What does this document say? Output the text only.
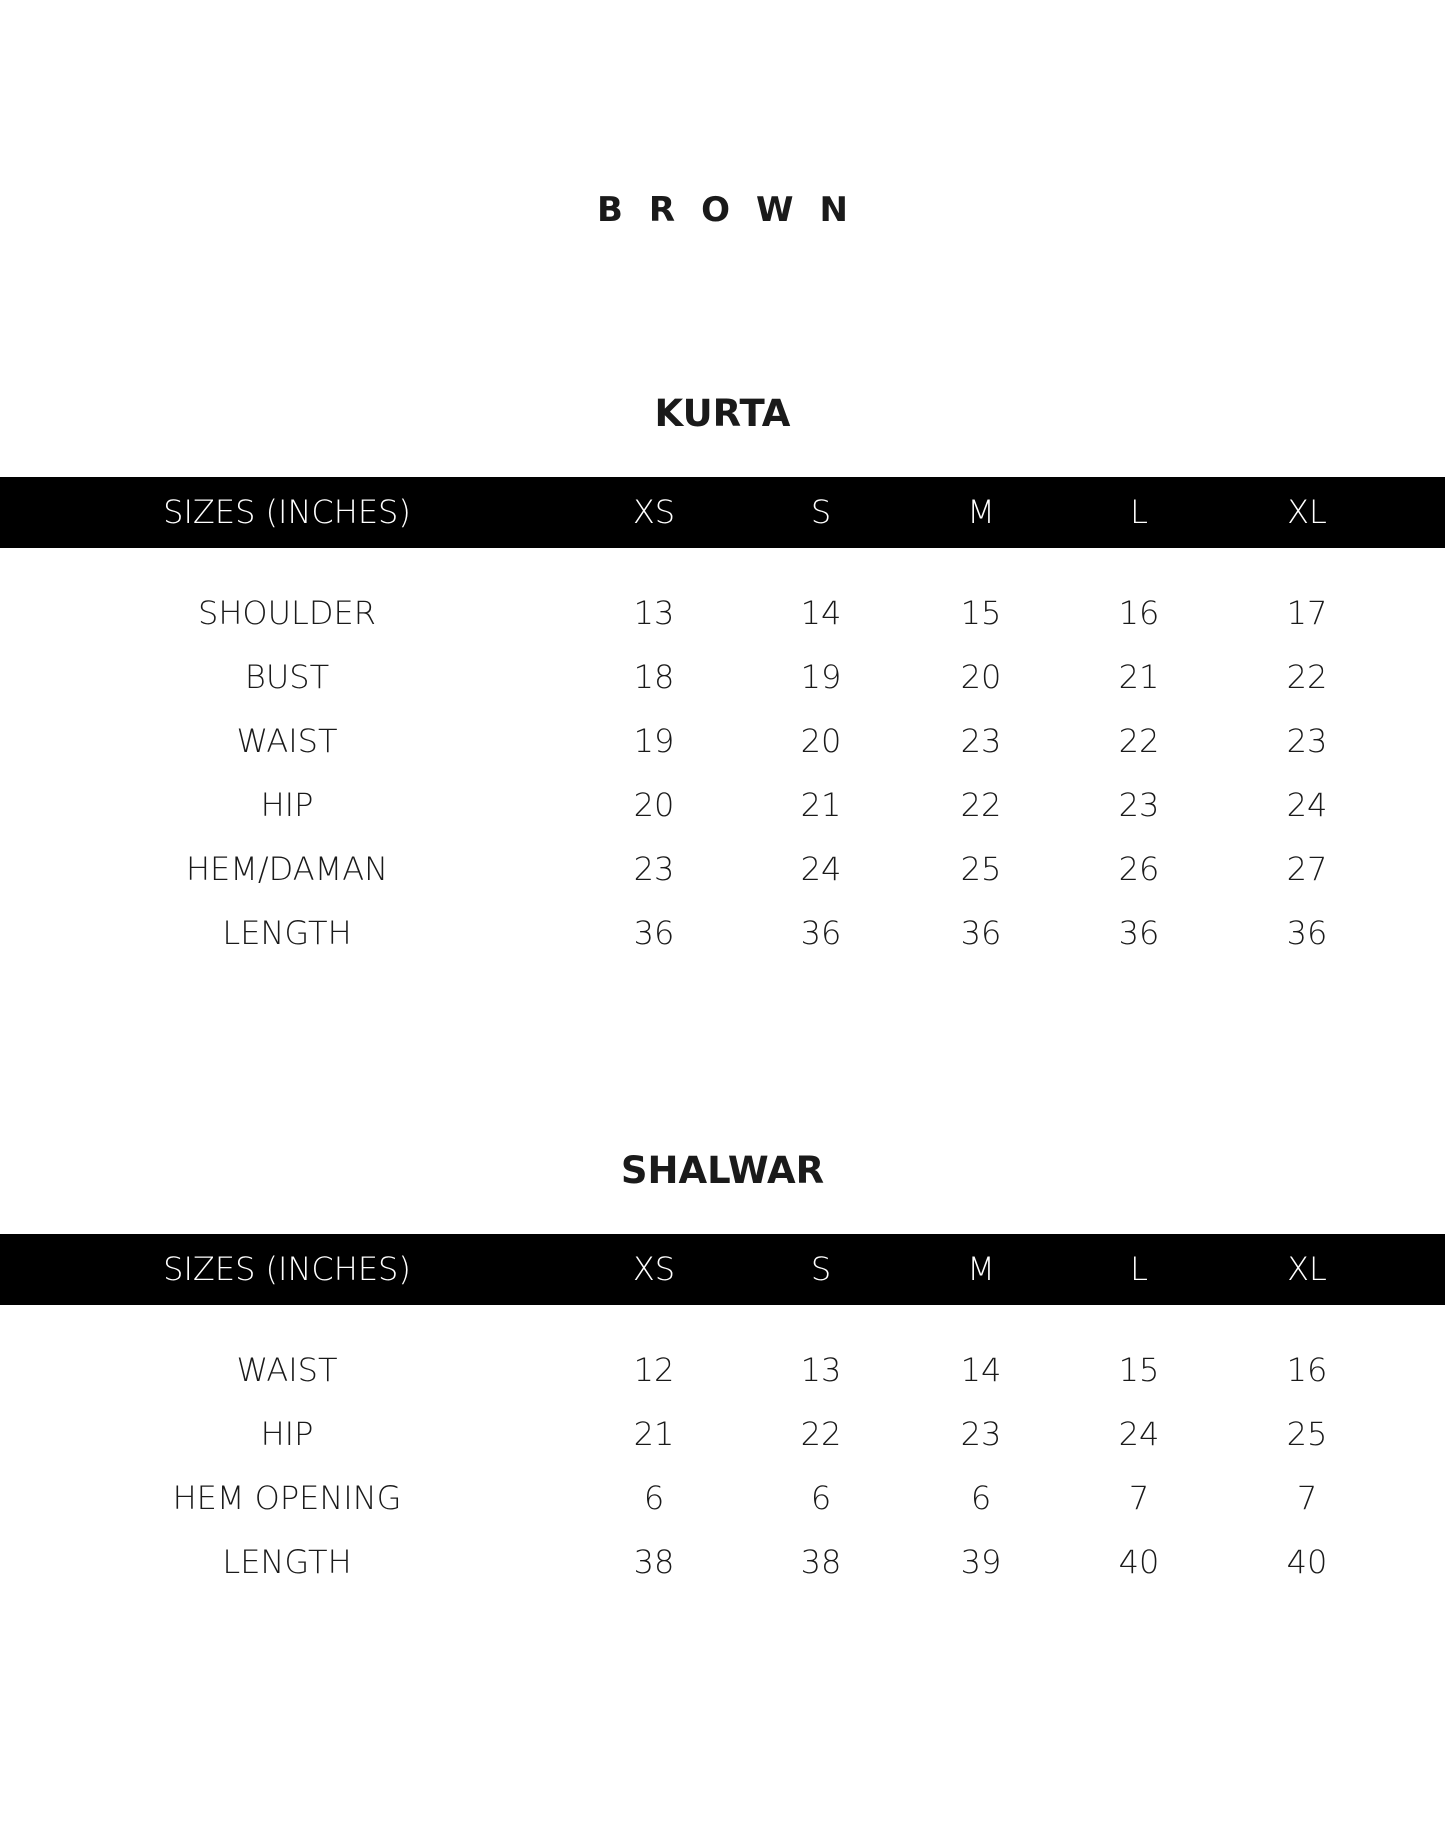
BROWN
KURTA
SIZES (INCHES)	XS	S	M	L	XL
SHOULDER	13	14	15	16	17
BUST	18	19	20	21	22
WAIST	19	20	23	22	23
HIP	20	21	22	23	24
HEM/DAMAN	23	24	25	26	27
LENGTH	36	36	36	36	36
SHALWAR
SIZES (INCHES)	XS	S	M	L	XL
WAIST	12	13	14	15	16
HIP	21	22	23	24	25
HEM OPENING	6	6	6	7	7
LENGTH	38	38	39	40	40
